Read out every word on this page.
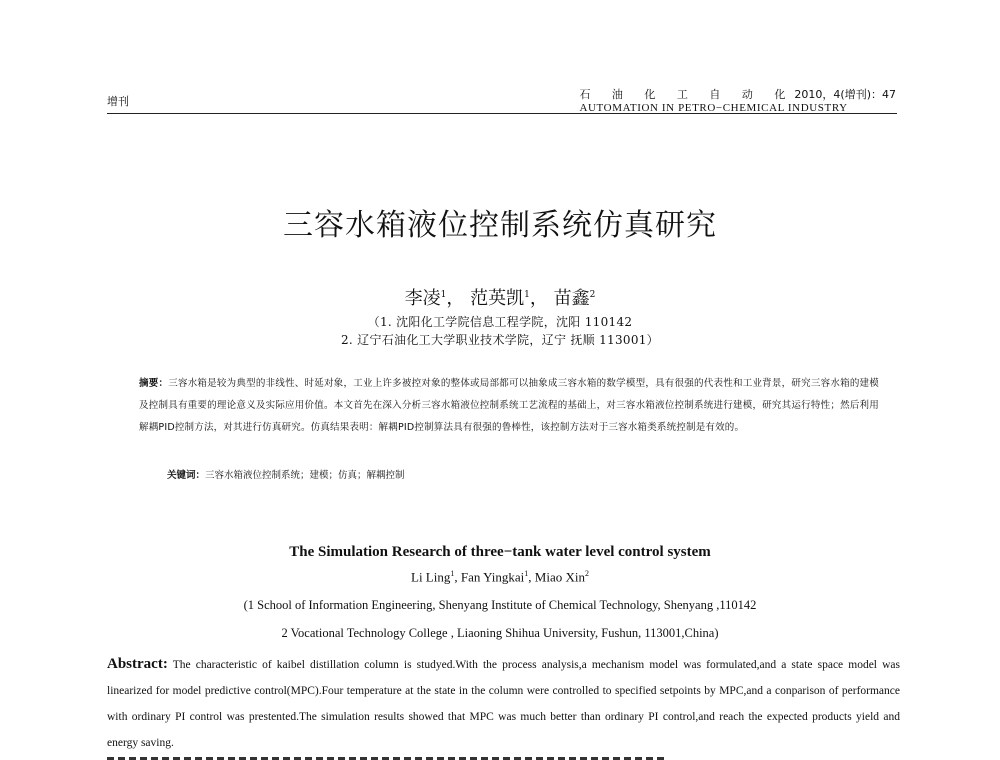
增刊
石 油 化 工 自 动 化2010，4(增刊)：47
AUTOMATION IN PETRO−CHEMICAL INDUSTRY
三容水箱液位控制系统仿真研究
李凌$^1$， 范英凯$^1$， 苗鑫$^2$
（1. 沈阳化工学院信息工程学院，沈阳 110142
2. 辽宁石油化工大学职业技术学院，辽宁 抚顺 113001）
摘要：三容水箱是较为典型的非线性、时延对象，工业上许多被控对象的整体或局部都可以抽象成三容水箱的数学模型，具有很强的代表性和工业背景，研究三容水箱的建模及控制具有重要的理论意义及实际应用价值。本文首先在深入分析三容水箱液位控制系统工艺流程的基础上，对三容水箱液位控制系统进行建模，研究其运行特性；然后利用解耦PID控制方法，对其进行仿真研究。仿真结果表明：解耦PID控制算法具有很强的鲁棒性，该控制方法对于三容水箱类系统控制是有效的。
关键词：三容水箱液位控制系统；建模；仿真；解耦控制
The Simulation Research of three−tank water level control system
Li Ling$^1$, Fan Yingkai$^1$, Miao Xin$^2$
(1 School of Information Engineering, Shenyang Institute of Chemical Technology, Shenyang ,110142
2 Vocational Technology College , Liaoning Shihua University, Fushun, 113001,China)
Abstract: The characteristic of kaibel distillation column is studyed.With the process analysis,a mechanism model was formulated,and a state space model was linearized for model predictive control(MPC).Four temperature at the state in the column were controlled to specified setpoints by MPC,and a conparison of performance with ordinary PI control was prestented.The simulation results showed that MPC was much better than ordinary PI control,and reach the expected products yield and energy saving.
